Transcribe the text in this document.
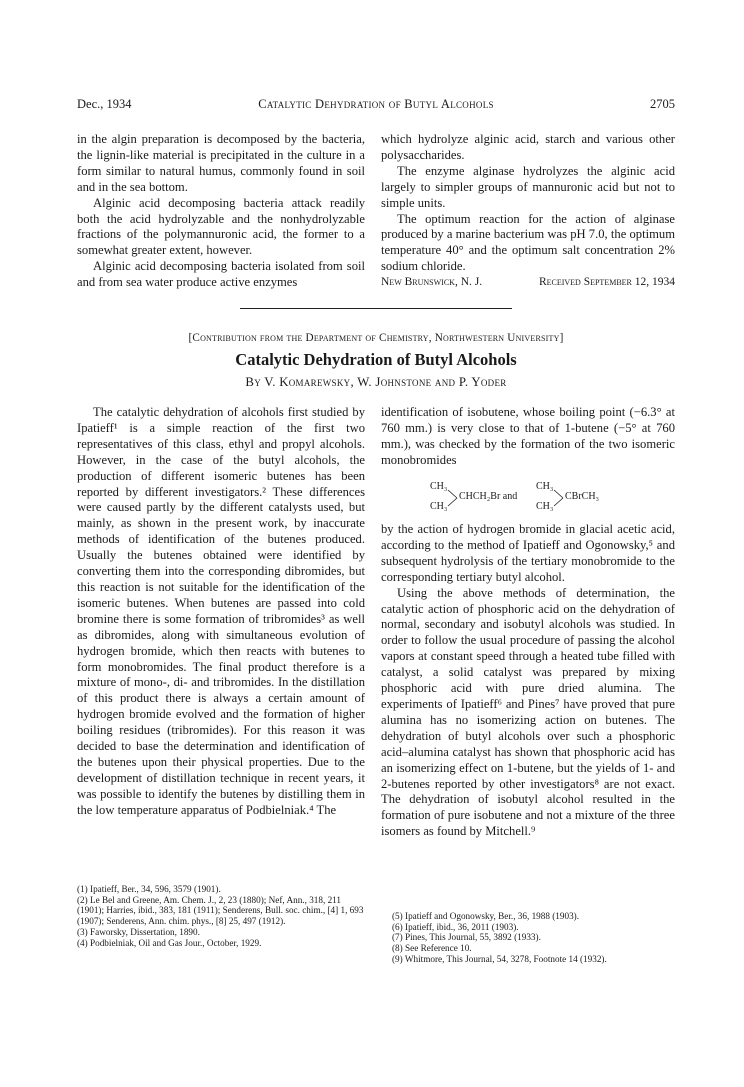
Dec., 1934	Catalytic Dehydration of Butyl Alcohols	2705

in the algin preparation is decomposed by the bacteria, the lignin-like material is precipitated in the culture in a form similar to natural humus, commonly found in soil and in the sea bottom.

Alginic acid decomposing bacteria attack readily both the acid hydrolyzable and the nonhydrolyzable fractions of the polymannuronic acid, the former to a somewhat greater extent, however.

Alginic acid decomposing bacteria isolated from soil and from sea water produce active enzymes

which hydrolyze alginic acid, starch and various other polysaccharides.

The enzyme alginase hydrolyzes the alginic acid largely to simpler groups of mannuronic acid but not to simple units.

The optimum reaction for the action of alginase produced by a marine bacterium was pH 7.0, the optimum temperature 40° and the optimum salt concentration 2% sodium chloride.

New Brunswick, N. J.	Received September 12, 1934

[Contribution from the Department of Chemistry, Northwestern University]
Catalytic Dehydration of Butyl Alcohols
By V. Komarewsky, W. Johnstone and P. Yoder

The catalytic dehydration of alcohols first studied by Ipatieff¹ is a simple reaction of the first two representatives of this class, ethyl and propyl alcohols. However, in the case of the butyl alcohols, the production of different isomeric butenes has been reported by different investigators.² These differences were caused partly by the different catalysts used, but mainly, as shown in the present work, by inaccurate methods of identification of the butenes produced. Usually the butenes obtained were identified by converting them into the corresponding dibromides, but this reaction is not suitable for the identification of the isomeric butenes. When butenes are passed into cold bromine there is some formation of tribromides³ as well as dibromides, along with simultaneous evolution of hydrogen bromide, which then reacts with butenes to form monobromides. The final product therefore is a mixture of mono-, di- and tribromides. In the distillation of this product there is always a certain amount of hydrogen bromide evolved and the formation of higher boiling residues (tribromides). For this reason it was decided to base the determination and identification of the butenes upon their physical properties. Due to the development of distillation technique in recent years, it was possible to identify the butenes by distilling them in the low temperature apparatus of Podbielniak.⁴ The

identification of isobutene, whose boiling point (−6.3° at 760 mm.) is very close to that of 1-butene (−5° at 760 mm.), was checked by the formation of the two isomeric monobromides

CH₃
CH₃
CHCH₂Br and
CH₃
CH₃
CBrCH₃

by the action of hydrogen bromide in glacial acetic acid, according to the method of Ipatieff and Ogonowsky,⁵ and subsequent hydrolysis of the tertiary monobromide to the corresponding tertiary butyl alcohol.

Using the above methods of determination, the catalytic action of phosphoric acid on the dehydration of normal, secondary and isobutyl alcohols was studied. In order to follow the usual procedure of passing the alcohol vapors at constant speed through a heated tube filled with catalyst, a solid catalyst was prepared by mixing phosphoric acid with pure dried alumina. The experiments of Ipatieff⁶ and Pines⁷ have proved that pure alumina has no isomerizing action on butenes. The dehydration of butyl alcohols over such a phosphoric acid–alumina catalyst has shown that phosphoric acid has an isomerizing effect on 1-butene, but the yields of 1- and 2-butenes reported by other investigators⁸ are not exact. The dehydration of isobutyl alcohol resulted in the formation of pure isobutene and not a mixture of the three isomers as found by Mitchell.⁹

(1) Ipatieff, Ber., 34, 596, 3579 (1901).

(2) Le Bel and Greene, Am. Chem. J., 2, 23 (1880); Nef, Ann., 318, 211 (1901); Harries, ibid., 383, 181 (1911); Senderens, Bull. soc. chim., [4] 1, 693 (1907); Senderens, Ann. chim. phys., [8] 25, 497 (1912).

(3) Faworsky, Dissertation, 1890.

(4) Podbielniak, Oil and Gas Jour., October, 1929.

(5) Ipatieff and Ogonowsky, Ber., 36, 1988 (1903).

(6) Ipatieff, ibid., 36, 2011 (1903).

(7) Pines, This Journal, 55, 3892 (1933).

(8) See Reference 10.

(9) Whitmore, This Journal, 54, 3278, Footnote 14 (1932).
